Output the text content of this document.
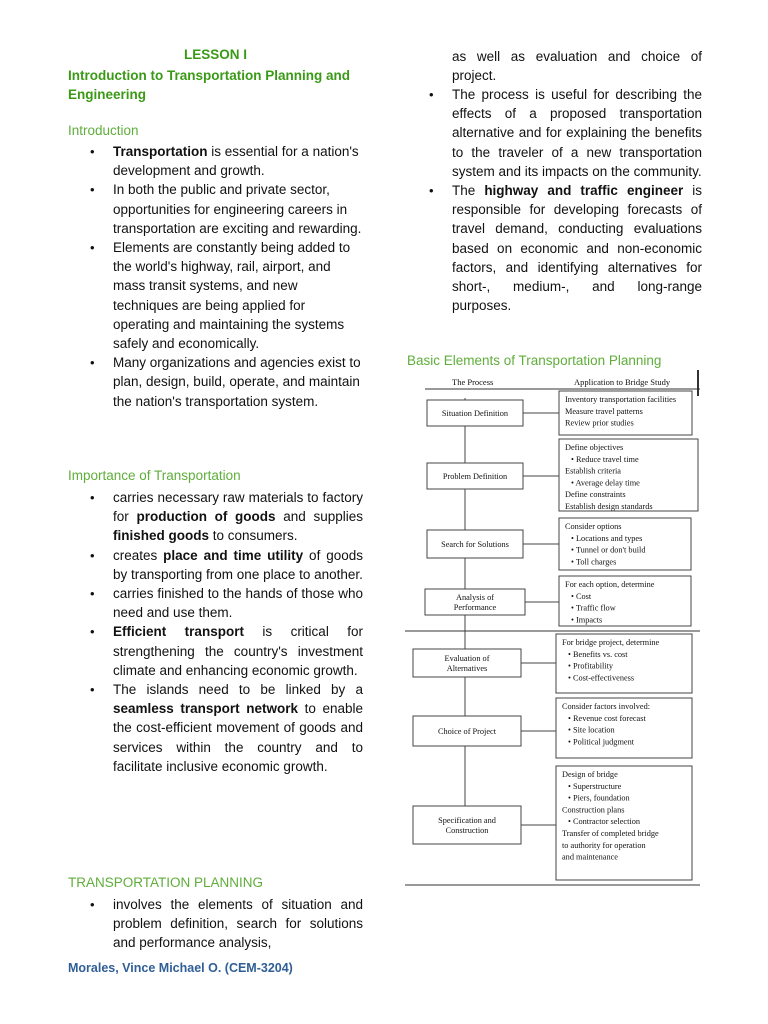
LESSON I
Introduction to Transportation Planning and Engineering
Introduction
• Transportation is essential for a nation's development and growth.
• In both the public and private sector, opportunities for engineering careers in transportation are exciting and rewarding.
• Elements are constantly being added to the world's highway, rail, airport, and mass transit systems, and new techniques are being applied for operating and maintaining the systems safely and economically.
• Many organizations and agencies exist to plan, design, build, operate, and maintain the nation's transportation system.
Importance of Transportation
• carries necessary raw materials to factory for production of goods and supplies finished goods to consumers.
• creates place and time utility of goods by transporting from one place to another.
• carries finished to the hands of those who need and use them.
• Efficient transport is critical for strengthening the country's investment climate and enhancing economic growth.
• The islands need to be linked by a seamless transport network to enable the cost-efficient movement of goods and services within the country and to facilitate inclusive economic growth.
TRANSPORTATION PLANNING
• involves the elements of situation and problem definition, search for solutions and performance analysis,
Morales, Vince Michael O. (CEM-3204)
as well as evaluation and choice of project.
• The process is useful for describing the effects of a proposed transportation alternative and for explaining the benefits to the traveler of a new transportation system and its impacts on the community.
• The highway and traffic engineer is responsible for developing forecasts of travel demand, conducting evaluations based on economic and non-economic factors, and identifying alternatives for short-, medium-, and long-range purposes.
Basic Elements of Transportation Planning
The Process	Application to Bridge Study
Situation Definition
Problem Definition
Search for Solutions
Analysis of
Performance
Evaluation of
Alternatives
Choice of Project
Specification and
Construction
Inventory transportation facilities
Measure travel patterns
Review prior studies
Define objectives
• Reduce travel time
Establish criteria
• Average delay time
Define constraints
Establish design standards
Consider options
• Locations and types
• Tunnel or don't build
• Toll charges
For each option, determine
• Cost
• Traffic flow
• Impacts
For bridge project, determine
• Benefits vs. cost
• Profitability
• Cost-effectiveness
Consider factors involved:
• Revenue cost forecast
• Site location
• Political judgment
Design of bridge
• Superstructure
• Piers, foundation
Construction plans
• Contractor selection
Transfer of completed bridge
to authority for operation
and maintenance
